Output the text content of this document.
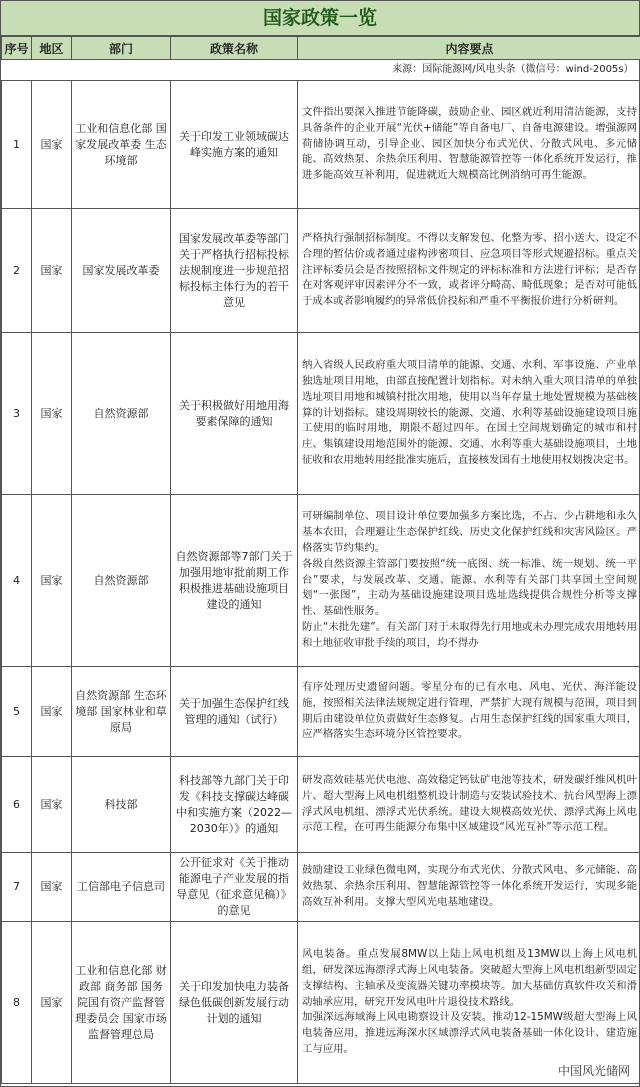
国家政策一览
序号	地区	部门	政策名称	内容要点
来源：国际能源网/风电头条（微信号：wind-2005s）				
1	国家	工业和信息化部 国家发展改革委 生态环境部	关于印发工业领域碳达峰实施方案的通知	文件指出要深入推进节能降碳，鼓励企业、园区就近利用清洁能源，支持具备条件的企业开展“光伏+储能”等自备电厂、自备电源建设。增强源网荷储协调互动，引导企业、园区加快分布式光伏、分散式风电、多元储能、高效热泵、余热余压利用、智慧能源管控等一体化系统开发运行，推进多能高效互补利用，促进就近大规模高比例消纳可再生能源。

2	国家	国家发展改革委	国家发展改革委等部门关于严格执行招标投标法规制度进一步规范招标投标主体行为的若干意见	严格执行强制招标制度。不得以支解发包、化整为零、招小送大、设定不合理的暂估价或者通过虚构涉密项目、应急项目等形式规避招标。重点关注评标委员会是否按照招标文件规定的评标标准和方法进行评标；是否存在对客观评审因素评分不一致，或者评分畸高、畸低现象；是否对可能低于成本或者影响履约的异常低价投标和严重不平衡报价进行分析研判。

3	国家	自然资源部	关于积极做好用地用海要素保障的通知	纳入省级人民政府重大项目清单的能源、交通、水利、军事设施、产业单独选址项目用地，由部直接配置计划指标。对未纳入重大项目清单的单独选址项目用地和城镇村批次用地，使用以当年存量土地处置规模为基础核算的计划指标。建设周期较长的能源、交通、水利等基础设施建设项目施工使用的临时用地，期限不超过四年。在国土空间规划确定的城市和村庄、集镇建设用地范围外的能源、交通、水利等重大基础设施项目，土地征收和农用地转用经批准实施后，直接核发国有土地使用权划拨决定书。

4	国家	自然资源部	自然资源部等7部门关于加强用地审批前期工作积极推进基础设施项目建设的通知	可研编制单位、项目设计单位要加强多方案比选，不占、少占耕地和永久基本农田，合理避让生态保护红线、历史文化保护红线和灾害风险区。严格落实节约集约。
各级自然资源主管部门要按照“统一底图、统一标准、统一规划、统一平台”要求，与发展改革、交通、能源、水利等有关部门共享国土空间规划“一张图”，主动为基础设施建设项目选址选线提供合规性分析等支撑性、基础性服务。
防止“未批先建”。有关部门对于未取得先行用地或未办理完成农用地转用和土地征收审批手续的项目，均不得办

5	国家	自然资源部 生态环境部 国家林业和草原局	关于加强生态保护红线管理的通知（试行）	有序处理历史遗留问题。零星分布的已有水电、风电、光伏、海洋能设施，按照相关法律法规规定进行管理，严禁扩大现有规模与范围，项目到期后由建设单位负责做好生态修复。占用生态保护红线的国家重大项目，应严格落实生态环境分区管控要求。

6	国家	科技部	科技部等九部门关于印发《科技支撑碳达峰碳中和实施方案（2022—2030年）》的通知	研发高效硅基光伏电池、高效稳定钙钛矿电池等技术，研发碳纤维风机叶片、超大型海上风电机组整机设计制造与安装试验技术、抗台风型海上漂浮式风电机组、漂浮式光伏系统。建设大规模高效光伏、漂浮式海上风电示范工程，在可再生能源分布集中区域建设“风光互补”等示范工程。

7	国家	工信部电子信息司	公开征求对《关于推动能源电子产业发展的指导意见（征求意见稿）》的意见	鼓励建设工业绿色微电网，实现分布式光伏、分散式风电、多元储能、高效热泵、余热余压利用、智慧能源管控等一体化系统开发运行，实现多能高效互补利用。支撑大型风光电基地建设。

8	国家	工业和信息化部 财政部 商务部 国务院国有资产监督管理委员会 国家市场监督管理总局	关于印发加快电力装备绿色低碳创新发展行动计划的通知	风电装备。重点发展8MW以上陆上风电机组及13MW以上海上风电机组，研发深远海漂浮式海上风电装备。突破超大型海上风电机组新型固定支撑结构、主轴承及变流器关键功率模块等。加大基础仿真软件攻关和滑动轴承应用，研究开发风电叶片退役技术路线。
加强深远海域海上风电勘察设计及安装。推动12-15MW级超大型海上风电装备应用，推进远海深水区域漂浮式风电装备基础一体化设计、建造施工与应用。
中国风光储网
